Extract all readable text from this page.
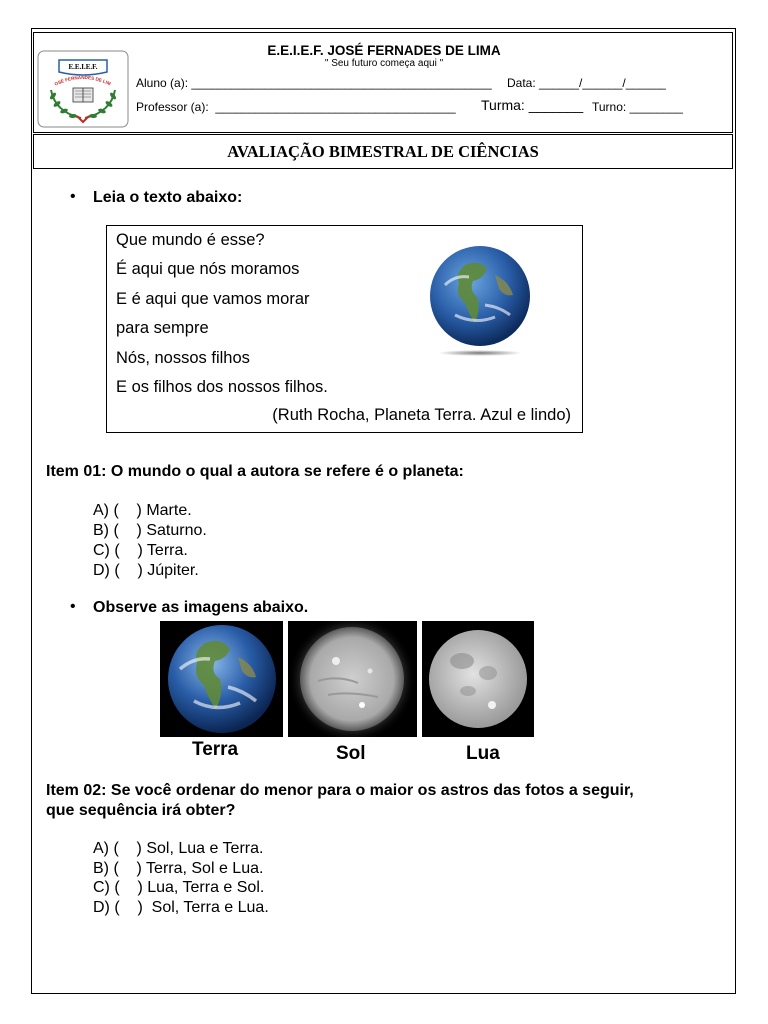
E.E.I.E.F.
OSÉ FERNANDES DE LIM
E.E.I.E.F. JOSÉ FERNADES DE LIMA
" Seu futuro começa aqui "
Aluno (a): _____________________________________________ Data: ______/______/______
Professor (a):  ____________________________________ Turma: _______ Turno: ________
AVALIAÇÃO BIMESTRAL DE CIÊNCIAS
• Leia o texto abaixo:
Que mundo é esse?
É aqui que nós moramos
E é aqui que vamos morar
para sempre
Nós, nossos filhos
E os filhos dos nossos filhos.
(Ruth Rocha, Planeta Terra. Azul e lindo)
Item 01: O mundo o qual a autora se refere é o planeta:
A) (    ) Marte.
B) (    ) Saturno.
C) (    ) Terra.
D) (    ) Júpiter.
• Observe as imagens abaixo.
Terra	Sol	Lua
Item 02: Se você ordenar do menor para o maior os astros das fotos a seguir,
que sequência irá obter?
A) (    ) Sol, Lua e Terra.
B) (    ) Terra, Sol e Lua.
C) (    ) Lua, Terra e Sol.
D) (    )  Sol, Terra e Lua.
